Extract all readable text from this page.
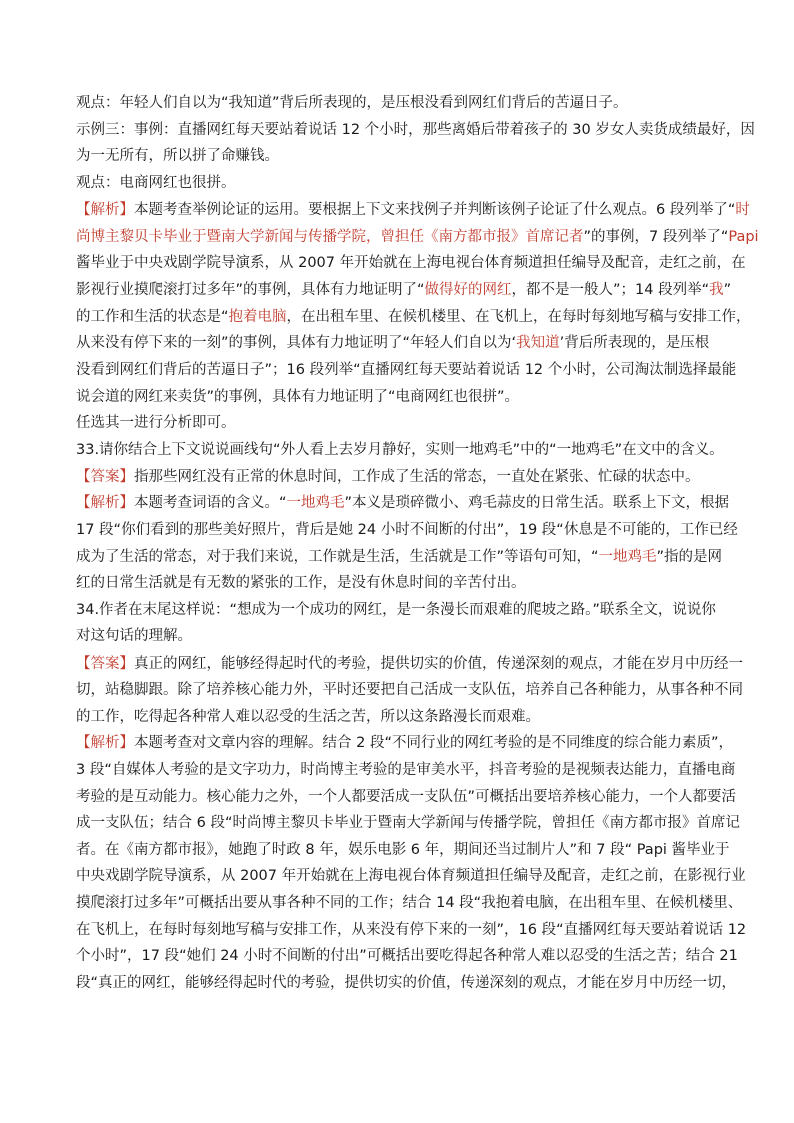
观点：年轻人们自以为“我知道”背后所表现的，是压根没看到网红们背后的苦逼日子。
示例三：事例：直播网红每天要站着说话 12 个小时，那些离婚后带着孩子的 30 岁女人卖货成绩最好，因
为一无所有，所以拼了命赚钱。
观点：电商网红也很拼。
【解析】本题考查举例论证的运用。要根据上下文来找例子并判断该例子论证了什么观点。6 段列举了“时
尚博主黎贝卡毕业于暨南大学新闻与传播学院，曾担任《南方都市报》首席记者”的事例，7 段列举了“Papi
酱毕业于中央戏剧学院导演系，从 2007 年开始就在上海电视台体育频道担任编导及配音，走红之前，在
影视行业摸爬滚打过多年”的事例，具体有力地证明了“做得好的网红，都不是一般人”；14 段列举“我”
的工作和生活的状态是“抱着电脑，在出租车里、在候机楼里、在飞机上，在每时每刻地写稿与安排工作，
从来没有停下来的一刻”的事例，具体有力地证明了“年轻人们自以为‘我知道’背后所表现的，是压根
没看到网红们背后的苦逼日子”；16 段列举“直播网红每天要站着说话 12 个小时，公司淘汰制选择最能
说会道的网红来卖货”的事例，具体有力地证明了“电商网红也很拼”。
任选其一进行分析即可。
33.请你结合上下文说说画线句“外人看上去岁月静好，实则一地鸡毛”中的“一地鸡毛”在文中的含义。
【答案】指那些网红没有正常的休息时间，工作成了生活的常态，一直处在紧张、忙碌的状态中。
【解析】本题考查词语的含义。“一地鸡毛”本义是琐碎微小、鸡毛蒜皮的日常生活。联系上下文，根据
17 段“你们看到的那些美好照片，背后是她 24 小时不间断的付出”，19 段“休息是不可能的，工作已经
成为了生活的常态，对于我们来说，工作就是生活，生活就是工作”等语句可知，“一地鸡毛”指的是网
红的日常生活就是有无数的紧张的工作，是没有休息时间的辛苦付出。
34.作者在末尾这样说：“想成为一个成功的网红，是一条漫长而艰难的爬坡之路。”联系全文，说说你
对这句话的理解。
【答案】真正的网红，能够经得起时代的考验，提供切实的价值，传递深刻的观点，才能在岁月中历经一
切，站稳脚跟。除了培养核心能力外，平时还要把自己活成一支队伍，培养自己各种能力，从事各种不同
的工作，吃得起各种常人难以忍受的生活之苦，所以这条路漫长而艰难。
【解析】本题考查对文章内容的理解。结合 2 段“不同行业的网红考验的是不同维度的综合能力素质”，
3 段“自媒体人考验的是文字功力，时尚博主考验的是审美水平，抖音考验的是视频表达能力，直播电商
考验的是互动能力。核心能力之外，一个人都要活成一支队伍”可概括出要培养核心能力，一个人都要活
成一支队伍；结合 6 段“时尚博主黎贝卡毕业于暨南大学新闻与传播学院，曾担任《南方都市报》首席记
者。在《南方都市报》，她跑了时政 8 年，娱乐电影 6 年，期间还当过制片人”和 7 段“ Papi 酱毕业于
中央戏剧学院导演系，从 2007 年开始就在上海电视台体育频道担任编导及配音，走红之前，在影视行业
摸爬滚打过多年”可概括出要从事各种不同的工作；结合 14 段“我抱着电脑，在出租车里、在候机楼里、
在飞机上，在每时每刻地写稿与安排工作，从来没有停下来的一刻”，16 段“直播网红每天要站着说话 12
个小时”，17 段“她们 24 小时不间断的付出”可概括出要吃得起各种常人难以忍受的生活之苦；结合 21
段“真正的网红，能够经得起时代的考验，提供切实的价值，传递深刻的观点，才能在岁月中历经一切，
